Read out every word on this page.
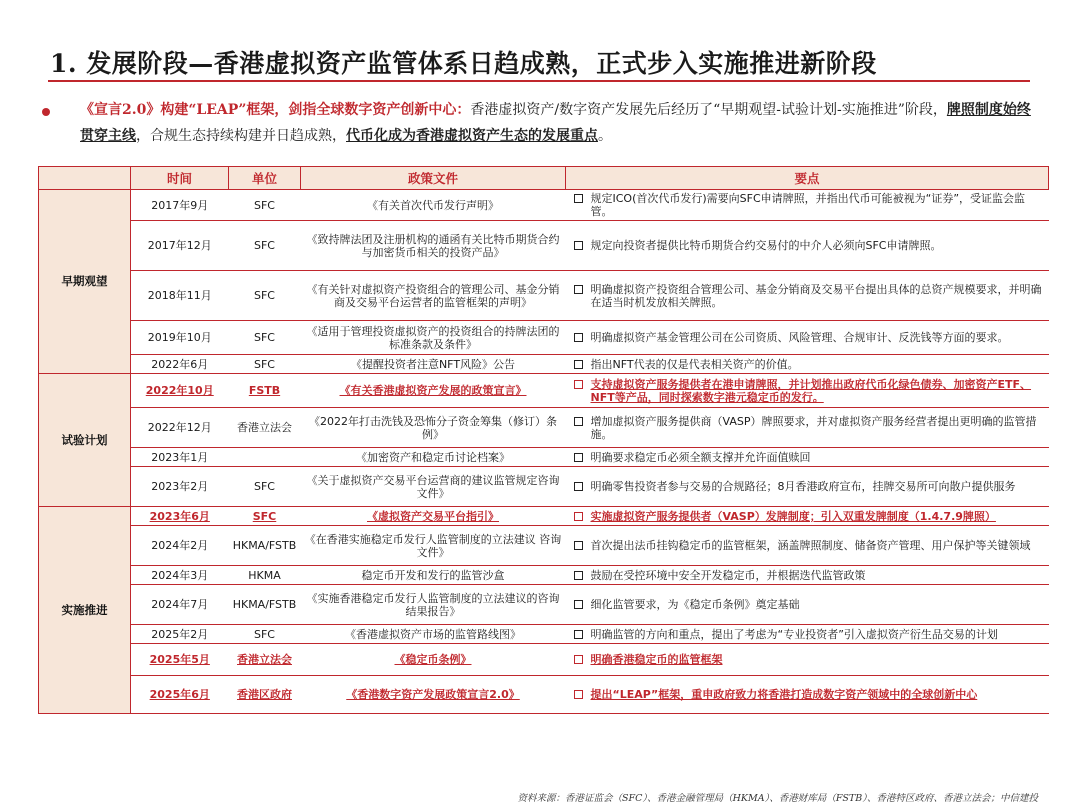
1. 发展阶段—香港虚拟资产监管体系日趋成熟，正式步入实施推进新阶段
《宣言2.0》构建“LEAP”框架，剑指全球数字资产创新中心：香港虚拟资产/数字资产发展先后经历了“早期观望-试验计划-实施推进”阶段，牌照制度始终贯穿主线，合规生态持续构建并日趋成熟，代币化成为香港虚拟资产生态的发展重点。
	时间	单位	政策文件	要点
早期观望	2017年9月	SFC	《有关首次代币发行声明》	规定ICO(首次代币发行)需要向SFC申请牌照，并指出代币可能被视为“证券”，受证监会监管。

	2017年12月	SFC	《致持牌法团及注册机构的通函有关比特币期货合约与加密货币相关的投资产品》	规定向投资者提供比特币期货合约交易付的中介人必须向SFC申请牌照。

	2018年11月	SFC	《有关针对虚拟资产投资组合的管理公司、基金分销商及交易平台运营者的监管框架的声明》	明确虚拟资产投资组合管理公司、基金分销商及交易平台提出具体的总资产规模要求，并明确在适当时机发放相关牌照。

	2019年10月	SFC	《适用于管理投资虚拟资产的投资组合的持牌法团的标准条款及条件》	明确虚拟资产基金管理公司在公司资质、风险管理、合规审计、反洗钱等方面的要求。

	2022年6月	SFC	《提醒投资者注意NFT风险》公告	指出NFT代表的仅是代表相关资产的价值。

试验计划	2022年10月	FSTB	《有关香港虚拟资产发展的政策宣言》	支持虚拟资产服务提供者在港申请牌照，并计划推出政府代币化绿色债券、加密资产ETF、NFT等产品，同时探索数字港元稳定币的发行。

	2022年12月	香港立法会	《2022年打击洗钱及恐怖分子资金筹集（修订）条例》	增加虚拟资产服务提供商（VASP）牌照要求，并对虚拟资产服务经营者提出更明确的监管措施。

	2023年1月		《加密资产和稳定币讨论档案》	明确要求稳定币必须全额支撑并允许面值赎回

	2023年2月	SFC	《关于虚拟资产交易平台运营商的建议监管规定咨询文件》	明确零售投资者参与交易的合规路径；8月香港政府宣布，挂牌交易所可向散户提供服务

实施推进	2023年6月	SFC	《虚拟资产交易平台指引》	实施虚拟资产服务提供者（VASP）发牌制度；引入双重发牌制度（1.4.7.9牌照）

	2024年2月	HKMA/FSTB	《在香港实施稳定币发行人监管制度的立法建议 咨询文件》	首次提出法币挂钩稳定币的监管框架，涵盖牌照制度、储备资产管理、用户保护等关键领域

	2024年3月	HKMA	稳定币开发和发行的监管沙盒	鼓励在受控环境中安全开发稳定币，并根据迭代监管政策

	2024年7月	HKMA/FSTB	《实施香港稳定币发行人监管制度的立法建议的咨询结果报告》	细化监管要求，为《稳定币条例》奠定基础

	2025年2月	SFC	《香港虚拟资产市场的监管路线图》	明确监管的方向和重点，提出了考虑为“专业投资者”引入虚拟资产衍生品交易的计划

	2025年5月	香港立法会	《稳定币条例》	明确香港稳定币的监管框架

	2025年6月	香港区政府	《香港数字资产发展政策宣言2.0》	提出“LEAP”框架，重申政府致力将香港打造成数字资产领域中的全球创新中心
资料来源：香港证监会（SFC）、香港金融管理局（HKMA）、香港财库局（FSTB）、香港特区政府、香港立法会；中信建投
